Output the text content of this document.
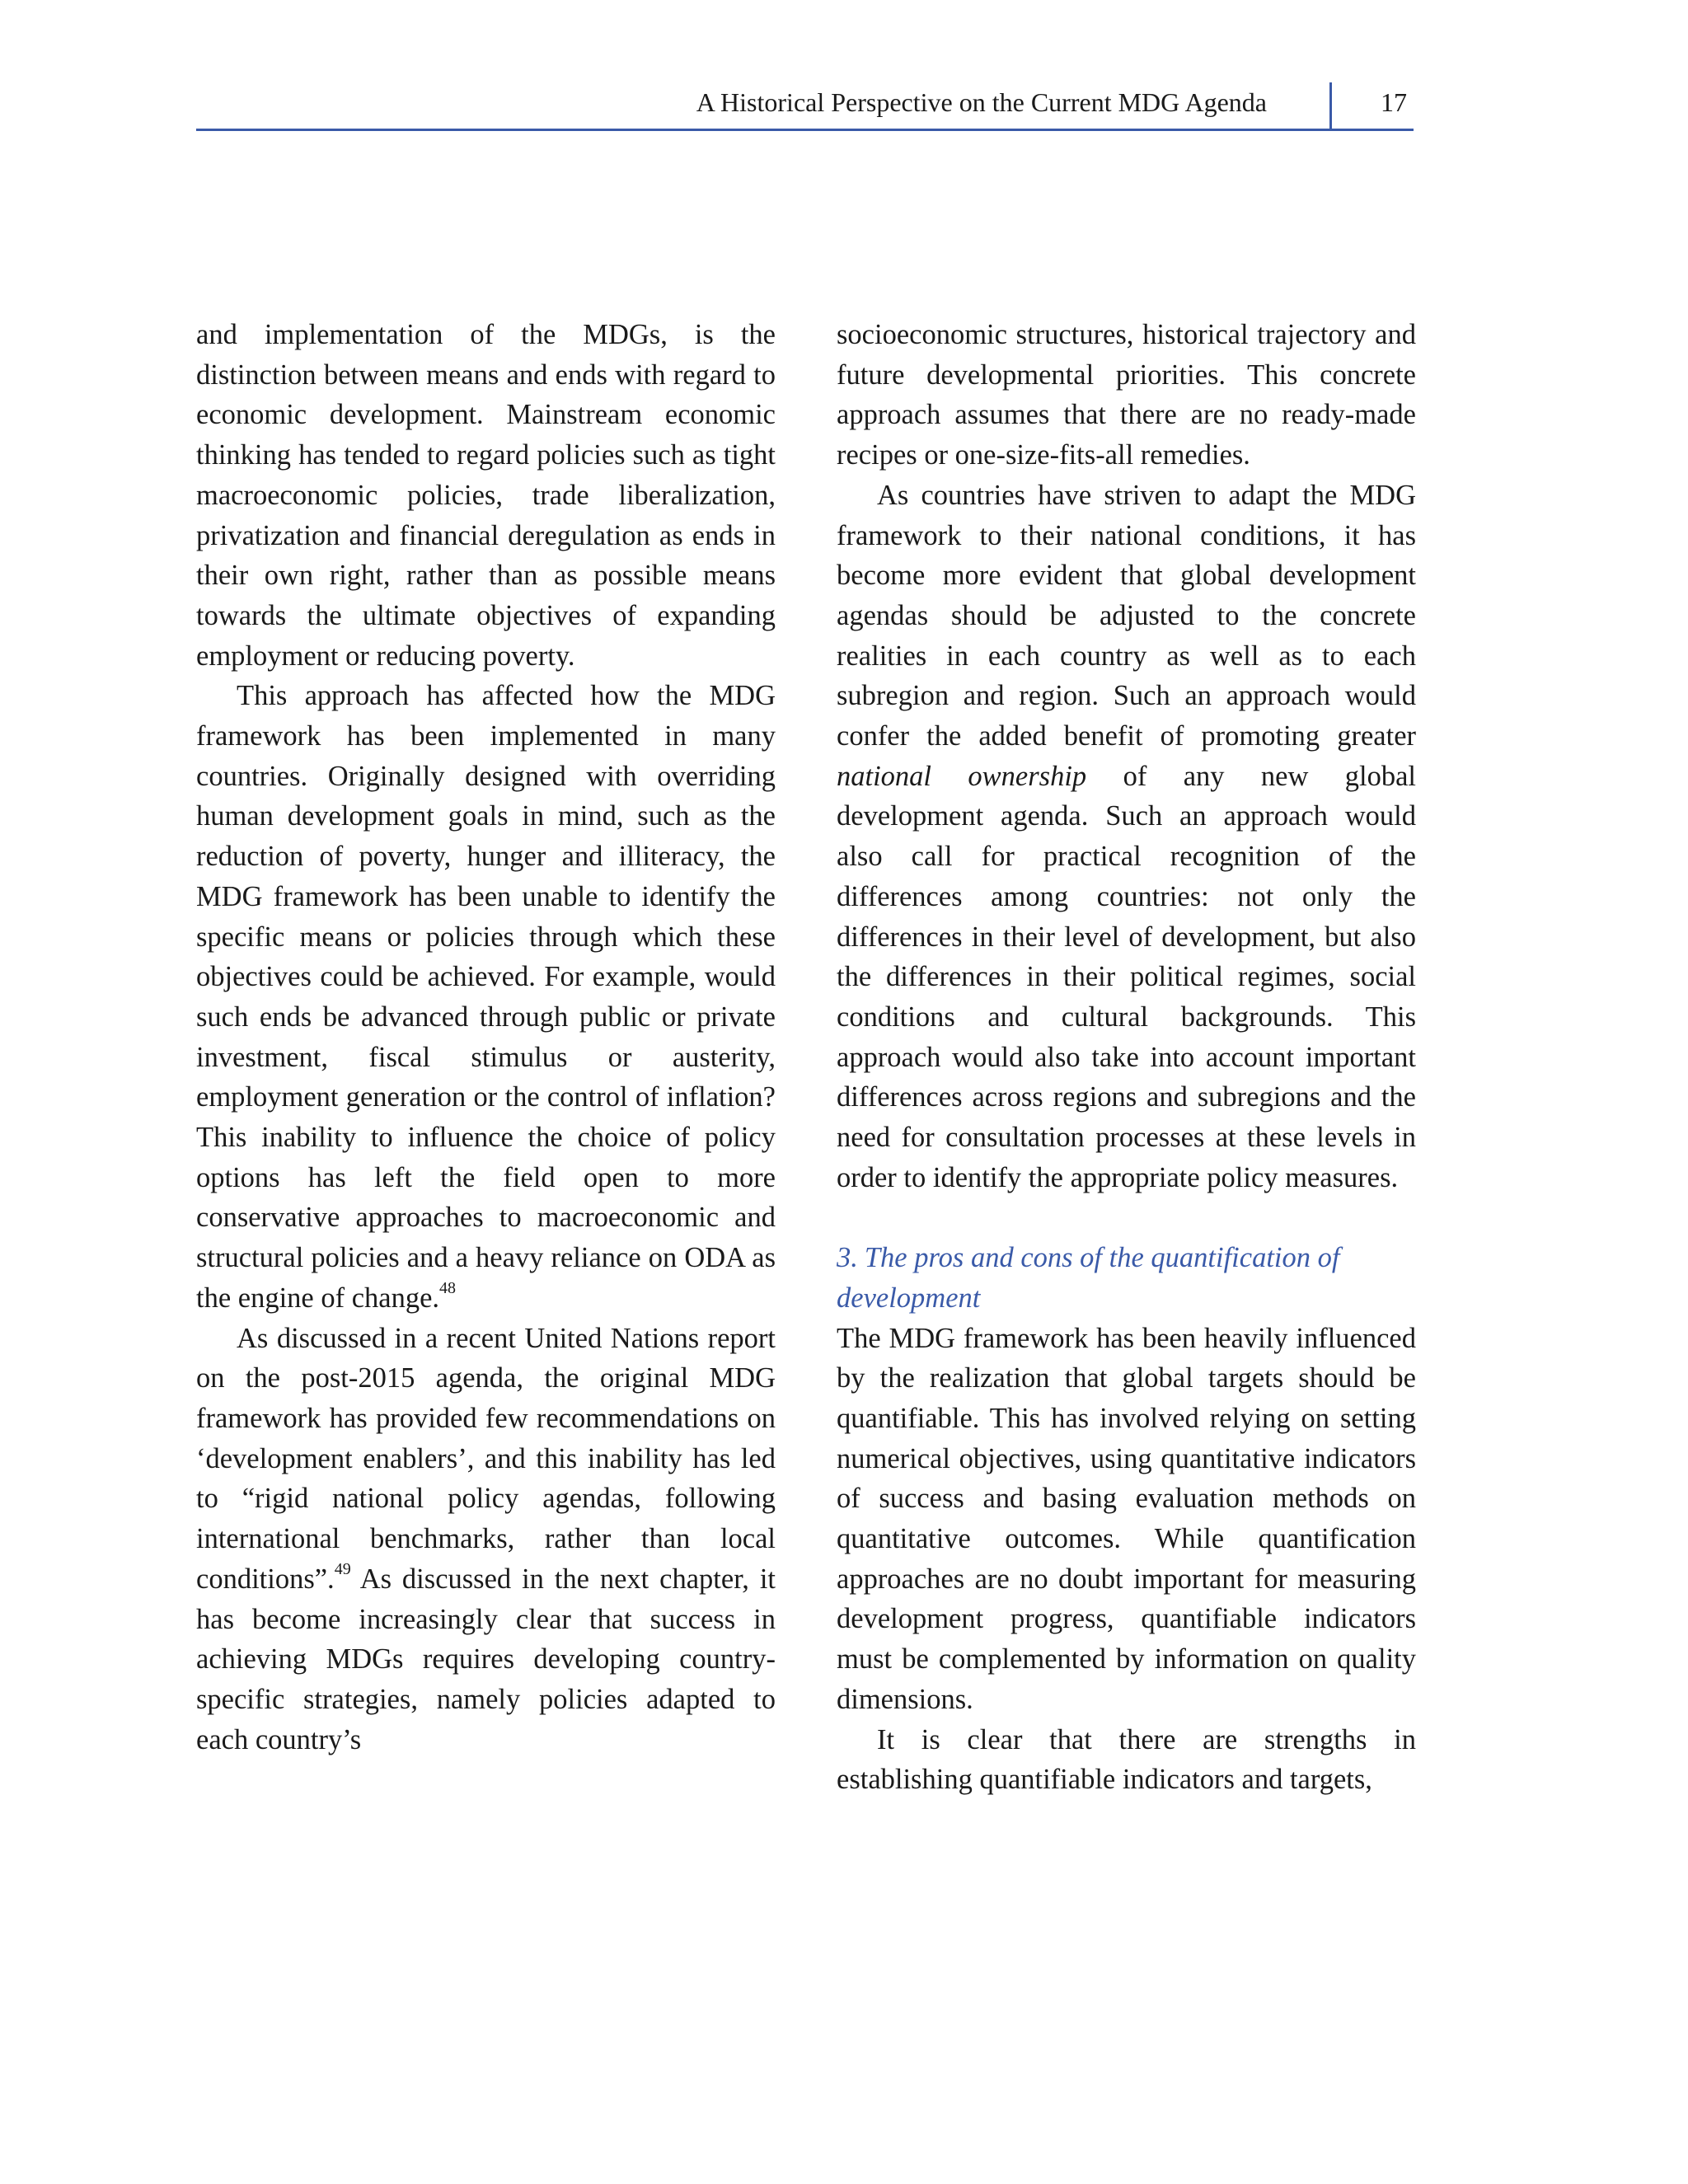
A Historical Perspective on the Current MDG Agenda	17

and implementation of the MDGs, is the distinction between means and ends with regard to economic development. Mainstream economic thinking has tended to regard policies such as tight macroeconomic policies, trade liberalization, privatization and financial deregulation as ends in their own right, rather than as possible means towards the ultimate objectives of expanding employment or reducing poverty.

This approach has affected how the MDG framework has been implemented in many countries. Originally designed with overriding human development goals in mind, such as the reduction of poverty, hunger and illiteracy, the MDG framework has been unable to identify the specific means or policies through which these objectives could be achieved. For example, would such ends be advanced through public or private investment, fiscal stimulus or austerity, employment generation or the control of inflation? This inability to influence the choice of policy options has left the field open to more conservative approaches to macroeconomic and structural policies and a heavy reliance on ODA as the engine of change.$^{48}$

As discussed in a recent United Nations report on the post-2015 agenda, the original MDG framework has provided few recommendations on ‘development enablers’, and this inability has led to “rigid national policy agendas, following international benchmarks, rather than local conditions”.$^{49}$ As discussed in the next chapter, it has become increasingly clear that success in achieving MDGs requires developing country-specific strategies, namely policies adapted to each country’s

socioeconomic structures, historical trajectory and future developmental priorities. This concrete approach assumes that there are no ready-made recipes or one-size-fits-all remedies.

As countries have striven to adapt the MDG framework to their national conditions, it has become more evident that global development agendas should be adjusted to the concrete realities in each country as well as to each subregion and region. Such an approach would confer the added benefit of promoting greater national ownership of any new global development agenda. Such an approach would also call for practical recognition of the differences among countries: not only the differences in their level of development, but also the differences in their political regimes, social conditions and cultural backgrounds. This approach would also take into account important differences across regions and subregions and the need for consultation processes at these levels in order to identify the appropriate policy measures.

3. The pros and cons of the quantification of development

The MDG framework has been heavily influenced by the realization that global targets should be quantifiable. This has involved relying on setting numerical objectives, using quantitative indicators of success and basing evaluation methods on quantitative outcomes. While quantification approaches are no doubt important for measuring development progress, quantifiable indicators must be complemented by information on quality dimensions.

It is clear that there are strengths in establishing quantifiable indicators and targets,
